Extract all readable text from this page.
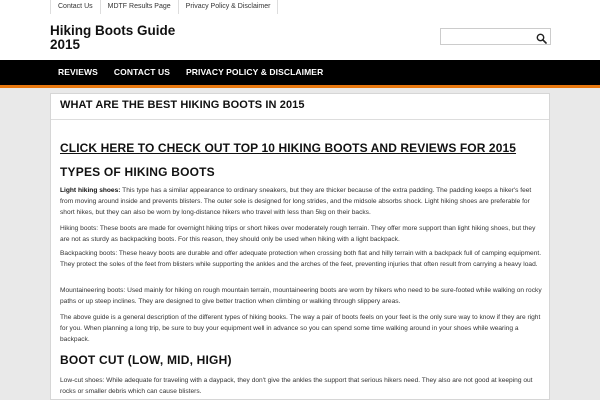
Contact Us	MDTF Results Page	Privacy Policy & Disclaimer
Hiking Boots Guide 2015
REVIEWS	CONTACT US	PRIVACY POLICY & DISCLAIMER
WHAT ARE THE BEST HIKING BOOTS IN 2015
CLICK HERE TO CHECK OUT TOP 10 HIKING BOOTS AND REVIEWS FOR 2015
TYPES OF HIKING BOOTS
Light hiking shoes: This type has a similar appearance to ordinary sneakers, but they are thicker because of the extra padding. The padding keeps a hiker's feet from moving around inside and prevents blisters. The outer sole is designed for long strides, and the midsole absorbs shock. Light hiking shoes are preferable for short hikes, but they can also be worn by long-distance hikers who travel with less than 5kg on their backs.
Hiking boots: These boots are made for overnight hiking trips or short hikes over moderately rough terrain. They offer more support than light hiking shoes, but they are not as sturdy as backpacking boots. For this reason, they should only be used when hiking with a light backpack.
Backpacking boots: These heavy boots are durable and offer adequate protection when crossing both flat and hilly terrain with a backpack full of camping equipment. They protect the soles of the feet from blisters while supporting the ankles and the arches of the feet, preventing injuries that often result from carrying a heavy load.
Mountaineering boots: Used mainly for hiking on rough mountain terrain, mountaineering boots are worn by hikers who need to be sure-footed while walking on rocky paths or up steep inclines. They are designed to give better traction when climbing or walking through slippery areas.
The above guide is a general description of the different types of hiking books. The way a pair of boots feels on your feet is the only sure way to know if they are right for you. When planning a long trip, be sure to buy your equipment well in advance so you can spend some time walking around in your shoes while wearing a backpack.
BOOT CUT (LOW, MID, HIGH)
Low-cut shoes: While adequate for traveling with a daypack, they don't give the ankles the support that serious hikers need. They also are not good at keeping out rocks or smaller debris which can cause blisters.
